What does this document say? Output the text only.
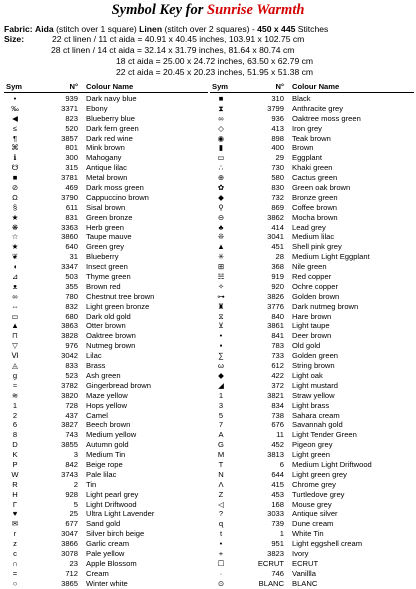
Symbol Key for Sunrise Warmth
Fabric: Aida (stitch over 1 square) Linen (stitch over 2 squares) - 450 x 445 Stitches
Size:	22 ct linen / 11 ct aida = 40.91 x 40.45 inches, 103.91 x 102.75 cm
28 ct linen / 14 ct aida = 32.14 x 31.79 inches, 81.64 x 80.74 cm
18 ct aida = 25.00 x 24.72 inches, 63.50 x 62.79 cm
22 ct aida = 20.45 x 20.23 inches, 51.95 x 51.38 cm
Sym	N° Colour Name
•	939 Dark navy blue
‰	3371 Ebony
◀	823 Blueberry blue
≤	520 Dark fern green
¶	3857 Dark red wine
⌘	801 Mink brown
ℹ	300 Mahogany
☋	315 Antique lilac
■	3781 Metal brown
⊘	469 Dark moss green
Ω	3790 Cappuccino brown
§	611 Sisal brown
★	831 Green bronze
❋	3363 Herb green
☆	3860 Taupe mauve
★	640 Green grey
❦	31 Blueberry
◖	3347 Insect green
⊿	503 Thyme green
ᴥ	355 Brown red
∞	780 Chestnut tree brown
⇔	832 Light green bronze
▭	680 Dark old gold
▲	3863 Otter brown
⊓	3828 Oaktree brown
▽	976 Nutmeg brown
Ⅵ	3042 Lilac
◬	833 Brass
ɡ	523 Ash green
≈	3782 Gingerbread brown
≋	3820 Maze yellow
1	728 Hops yellow
2	437 Camel
6	3827 Beech brown
8	743 Medium yellow
D	3855 Autumn gold
K	3 Medium Tin
P	842 Beige rope
W	3743 Pale lilac
R	2 Tin
H	928 Light pearl grey
Γ	5 Light Driftwood
♥	25 Ultra Light Lavender
✉	677 Sand gold
r	3047 Silver birch beige
z	3866 Garlic cream
c	3078 Pale yellow
∩	23 Apple Blossom
=	712 Cream
○	3865 Winter white
Sym	N° Colour Name
■	310 Black
⧗	3799 Anthracite grey
∞	936 Oaktree moss green
◇	413 Iron grey
◉	898 Teak brown
▮	400 Brown
▭	29 Eggplant
∴	730 Khaki green
⊕	580 Cactus green
✿	830 Green oak brown
◆	732 Bronze green
⚲	869 Coffee brown
⊖	3862 Mocha brown
♣	414 Lead grey
❊	3041 Medium lilac
▲	451 Shell pink grey
✳	28 Medium Light Eggplant
⊞	368 Nile green
☵	919 Red copper
✧	920 Ochre copper
⊶	3826 Golden brown
♜	3776 Dark nutmeg brown
⧖	840 Hare brown
⊻	3861 Light taupe
•	841 Deer brown
▪	783 Old gold
∑	733 Golden green
ω	612 String brown
◆	422 Light oak
◢	372 Light mustard
1	3821 Straw yellow
3	834 Light brass
5	738 Sahara cream
7	676 Savannah gold
A	11 Light Tender Green
G	452 Pigeon grey
M	3813 Light green
T	6 Medium Light Driftwood
N	644 Light green grey
Ʌ	415 Chrome grey
Z	453 Turtledove grey
◁	168 Mouse grey
?	3033 Antique silver
ɋ	739 Dune cream
t	1 White Tin
•	951 Light eggshell cream
+	3823 Ivory
☐	ECRUT ECRUT
·	746 Vanillla
⊙	BLANC BLANC
